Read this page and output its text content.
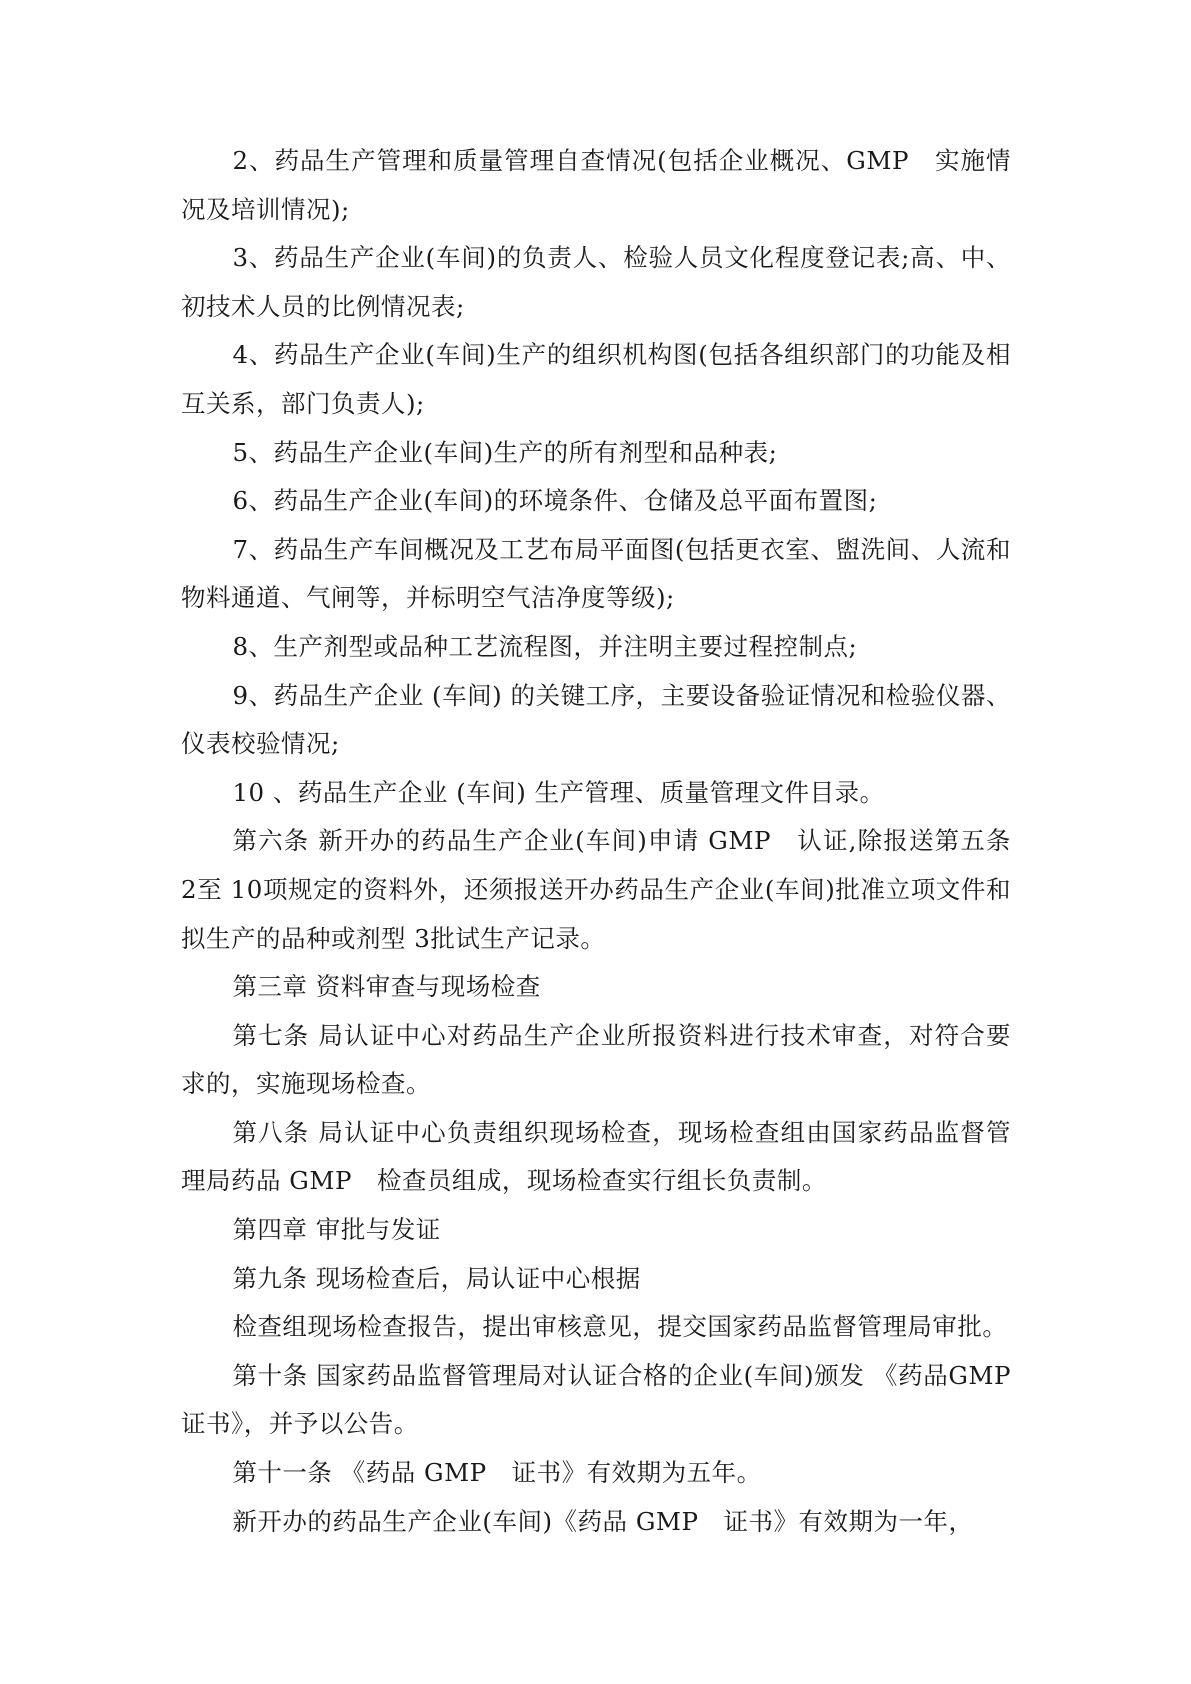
2、药品生产管理和质量管理自查情况(包括企业概况、GMP　实施情况及培训情况);

3、药品生产企业(车间)的负责人、检验人员文化程度登记表;高、中、初技术人员的比例情况表;

4、药品生产企业(车间)生产的组织机构图(包括各组织部门的功能及相互关系，部门负责人);

5、药品生产企业(车间)生产的所有剂型和品种表;

6、药品生产企业(车间)的环境条件、仓储及总平面布置图;

7、药品生产车间概况及工艺布局平面图(包括更衣室、盥洗间、人流和物料通道、气闸等，并标明空气洁净度等级);

8、生产剂型或品种工艺流程图，并注明主要过程控制点;

9、药品生产企业 (车间) 的关键工序，主要设备验证情况和检验仪器、仪表校验情况;

10 、药品生产企业 (车间) 生产管理、质量管理文件目录。

第六条 新开办的药品生产企业(车间)申请 GMP　认证,除报送第五条 2至 10项规定的资料外，还须报送开办药品生产企业(车间)批准立项文件和拟生产的品种或剂型 3批试生产记录。

第三章 资料审查与现场检查

第七条 局认证中心对药品生产企业所报资料进行技术审查，对符合要求的，实施现场检查。

第八条 局认证中心负责组织现场检查，现场检查组由国家药品监督管理局药品 GMP　检查员组成，现场检查实行组长负责制。

第四章 审批与发证

第九条 现场检查后，局认证中心根据

检查组现场检查报告，提出审核意见，提交国家药品监督管理局审批。

第十条 国家药品监督管理局对认证合格的企业(车间)颁发 《药品GMP　证书》，并予以公告。

第十一条 《药品 GMP　证书》有效期为五年。

新开办的药品生产企业(车间)《药品 GMP　证书》有效期为一年，
